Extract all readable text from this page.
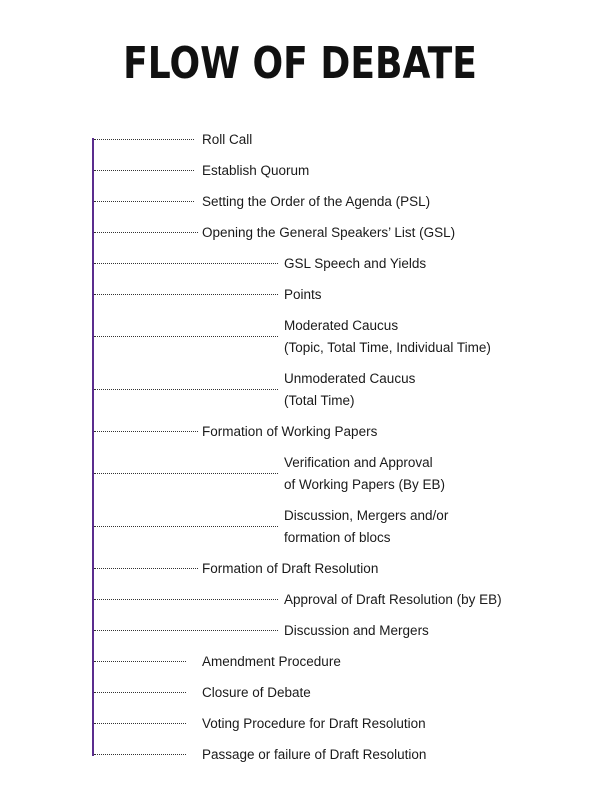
FLOW OF DEBATE
Roll Call
Establish Quorum
Setting the Order of the Agenda (PSL)
Opening the General Speakers’ List (GSL)
GSL Speech and Yields
Points
Moderated Caucus
(Topic, Total Time, Individual Time)
Unmoderated Caucus
(Total Time)
Formation of Working Papers
Verification and Approval
of Working Papers (By EB)
Discussion, Mergers and/or
formation of blocs
Formation of Draft Resolution
Approval of Draft Resolution (by EB)
Discussion and Mergers
Amendment Procedure
Closure of Debate
Voting Procedure for Draft Resolution
Passage or failure of Draft Resolution
